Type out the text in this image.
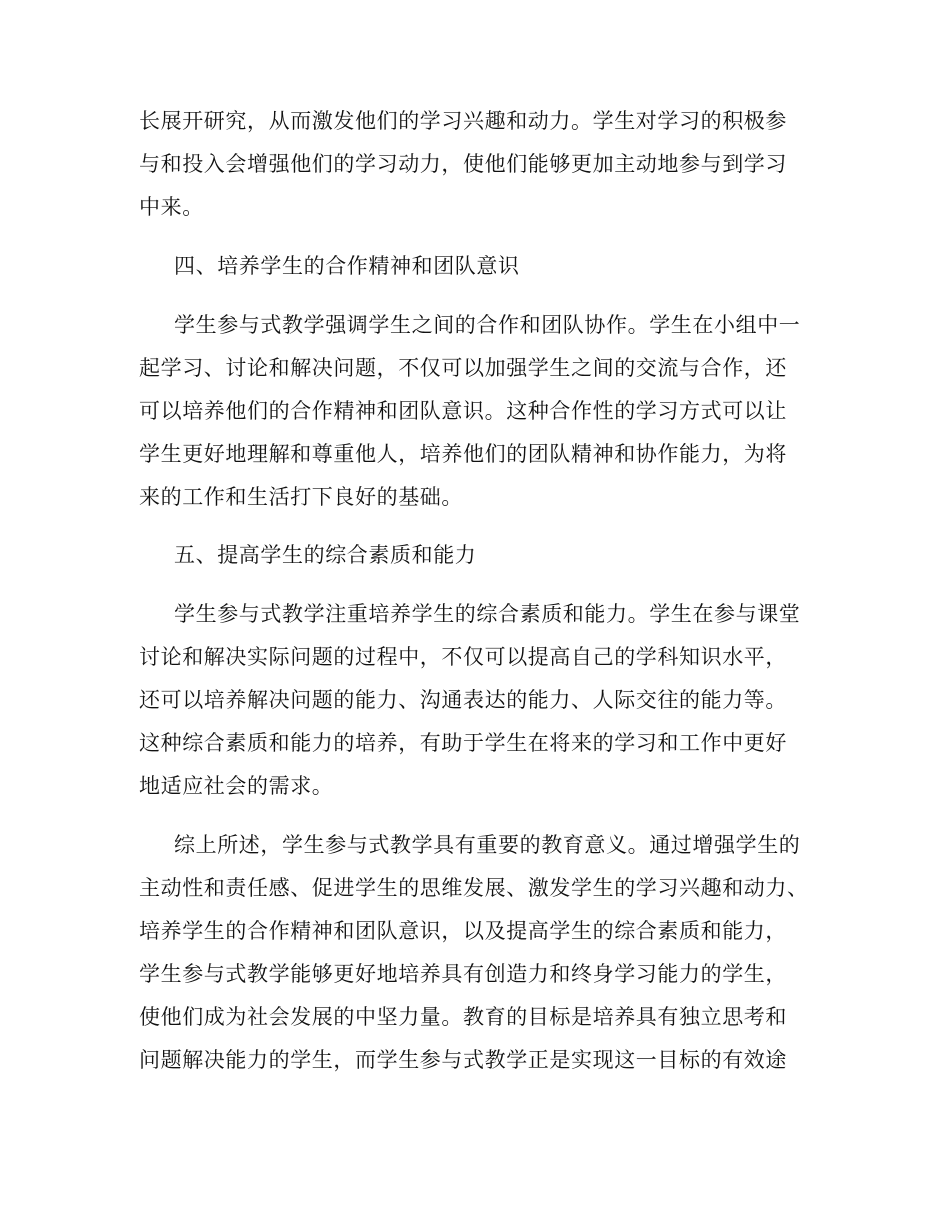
长展开研究，从而激发他们的学习兴趣和动力。学生对学习的积极参
与和投入会增强他们的学习动力，使他们能够更加主动地参与到学习
中来。
四、培养学生的合作精神和团队意识
学生参与式教学强调学生之间的合作和团队协作。学生在小组中一
起学习、讨论和解决问题，不仅可以加强学生之间的交流与合作，还
可以培养他们的合作精神和团队意识。这种合作性的学习方式可以让
学生更好地理解和尊重他人，培养他们的团队精神和协作能力，为将
来的工作和生活打下良好的基础。
五、提高学生的综合素质和能力
学生参与式教学注重培养学生的综合素质和能力。学生在参与课堂
讨论和解决实际问题的过程中，不仅可以提高自己的学科知识水平，
还可以培养解决问题的能力、沟通表达的能力、人际交往的能力等。
这种综合素质和能力的培养，有助于学生在将来的学习和工作中更好
地适应社会的需求。
综上所述，学生参与式教学具有重要的教育意义。通过增强学生的
主动性和责任感、促进学生的思维发展、激发学生的学习兴趣和动力、
培养学生的合作精神和团队意识，以及提高学生的综合素质和能力，
学生参与式教学能够更好地培养具有创造力和终身学习能力的学生，
使他们成为社会发展的中坚力量。教育的目标是培养具有独立思考和
问题解决能力的学生，而学生参与式教学正是实现这一目标的有效途
